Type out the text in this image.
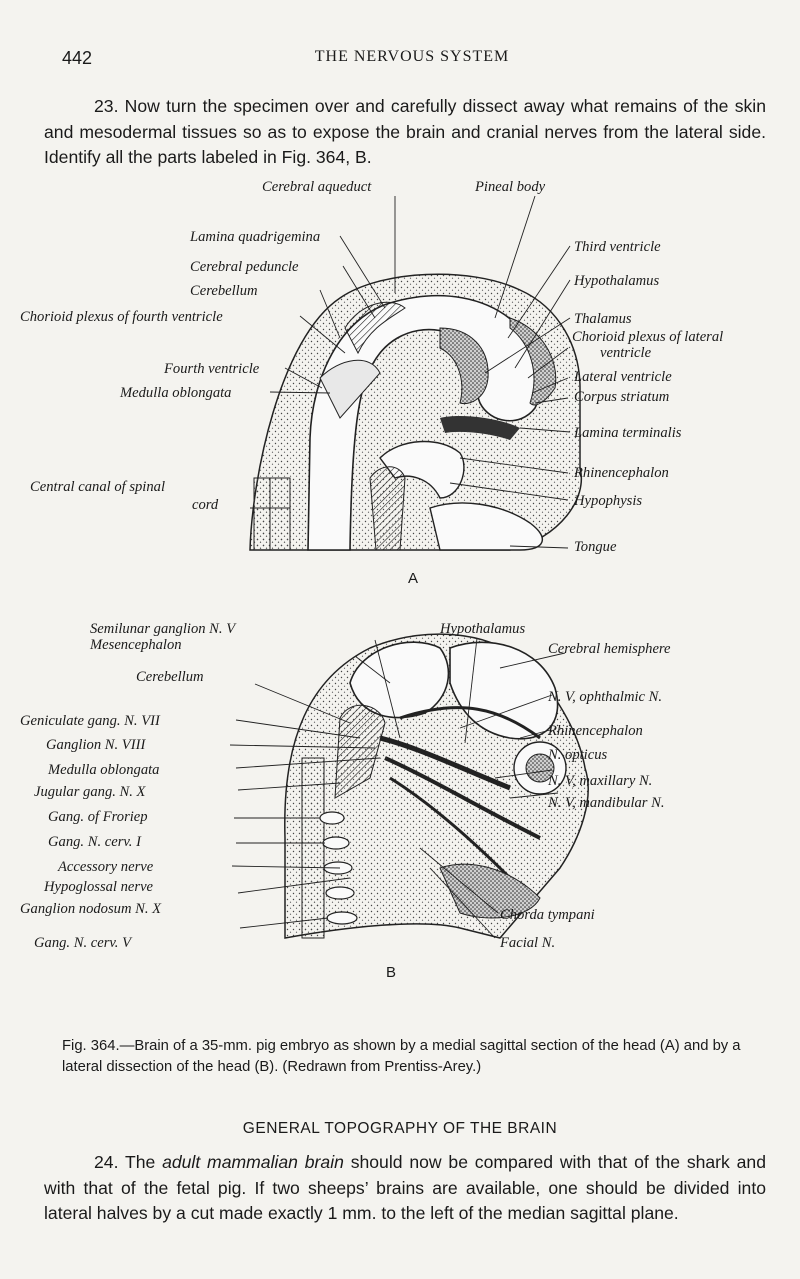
442	THE NERVOUS SYSTEM

23. Now turn the specimen over and carefully dissect away what remains of the skin and mesodermal tissues so as to expose the brain and cranial nerves from the lateral side. Identify all the parts labeled in Fig. 364, B.

Cerebral aqueduct	Pineal body
Lamina quadrigemina
Cerebral peduncle
Cerebellum
Chorioid plexus of fourth ventricle
Fourth ventricle
Medulla oblongata
Central canal of spinal
cord
Third ventricle
Hypothalamus
Thalamus
Chorioid plexus of lateral
ventricle
Lateral ventricle
Corpus striatum
Lamina terminalis
Rhinencephalon
Hypophysis
Tongue
A
Semilunar ganglion N. V
Mesencephalon
Hypothalamus
Cerebral hemisphere
Cerebellum
N. V, ophthalmic N.
Geniculate gang. N. VII
Rhinencephalon
Ganglion N. VIII
N. opticus
Medulla oblongata
N. V, maxillary N.
Jugular gang. N. X
N. V, mandibular N.
Gang. of Froriep
Gang. N. cerv. I
Accessory nerve
Hypoglossal nerve
Ganglion nodosum N. X	Chorda tympani
Gang. N. cerv. V	Facial N.
B

Fig. 364.—Brain of a 35-mm. pig embryo as shown by a medial sagittal section of the head (A) and by a lateral dissection of the head (B). (Redrawn from Prentiss-Arey.)

GENERAL TOPOGRAPHY OF THE BRAIN

24. The adult mammalian brain should now be compared with that of the shark and with that of the fetal pig. If two sheeps’ brains are available, one should be divided into lateral halves by a cut made exactly 1 mm. to the left of the median sagittal plane.
